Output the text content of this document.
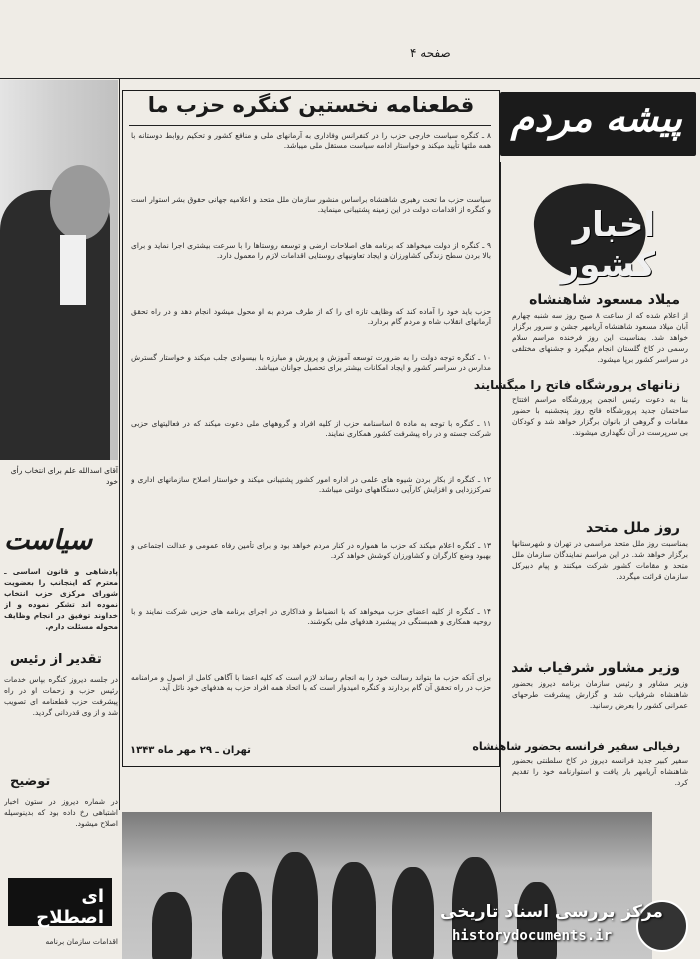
صفحه ۴
پیشه مردم
اخبار کشور
میلاد مسعود شاهنشاه
از اعلام شده که از ساعت ۸ صبح روز سه شنبه چهارم آبان میلاد مسعود شاهنشاه آریامهر جشن و سرور برگزار خواهد شد. بمناسبت این روز فرخنده مراسم سلام رسمی در کاخ گلستان انجام میگیرد و جشنهای مختلفی در سراسر کشور برپا میشود.
زنانهای پرورشگاه فاتح را میگشایند
بنا به دعوت رئیس انجمن پرورشگاه مراسم افتتاح ساختمان جدید پرورشگاه فاتح روز پنجشنبه با حضور مقامات و گروهی از بانوان برگزار خواهد شد و کودکان بی سرپرست در آن نگهداری میشوند.
روز ملل متحد
بمناسبت روز ملل متحد مراسمی در تهران و شهرستانها برگزار خواهد شد. در این مراسم نمایندگان سازمان ملل متحد و مقامات کشور شرکت میکنند و پیام دبیرکل سازمان قرائت میگردد.
وزیر مشاور شرفیاب شد
وزیر مشاور و رئیس سازمان برنامه دیروز بحضور شاهنشاه شرفیاب شد و گزارش پیشرفت طرحهای عمرانی کشور را بعرض رسانید.
رفیالی سفیر فرانسه بحضور شاهنشاه
سفیر کبیر جدید فرانسه دیروز در کاخ سلطنتی بحضور شاهنشاه آریامهر بار یافت و استوارنامه خود را تقدیم کرد.
قطعنامه نخستین کنگره حزب ما
۸ ـ کنگره سیاست خارجی حزب را در کنفرانس وفاداری به آرمانهای ملی و منافع کشور و تحکیم روابط دوستانه با همه ملتها تأیید میکند و خواستار ادامه سیاست مستقل ملی میباشد.
سیاست حزب ما تحت رهبری شاهنشاه براساس منشور سازمان ملل متحد و اعلامیه جهانی حقوق بشر استوار است و کنگره از اقدامات دولت در این زمینه پشتیبانی مینماید.
۹ ـ کنگره از دولت میخواهد که برنامه های اصلاحات ارضی و توسعه روستاها را با سرعت بیشتری اجرا نماید و برای بالا بردن سطح زندگی کشاورزان و ایجاد تعاونیهای روستایی اقدامات لازم را معمول دارد.
حزب باید خود را آماده کند که وظایف تازه ای را که از طرف مردم به او محول میشود انجام دهد و در راه تحقق آرمانهای انقلاب شاه و مردم گام بردارد.
۱۰ ـ کنگره توجه دولت را به ضرورت توسعه آموزش و پرورش و مبارزه با بیسوادی جلب میکند و خواستار گسترش مدارس در سراسر کشور و ایجاد امکانات بیشتر برای تحصیل جوانان میباشد.
۱۱ ـ کنگره با توجه به ماده ۵ اساسنامه حزب از کلیه افراد و گروههای ملی دعوت میکند که در فعالیتهای حزبی شرکت جسته و در راه پیشرفت کشور همکاری نمایند.
۱۲ ـ کنگره از بکار بردن شیوه های علمی در اداره امور کشور پشتیبانی میکند و خواستار اصلاح سازمانهای اداری و تمرکززدایی و افزایش کارآیی دستگاههای دولتی میباشد.
۱۳ ـ کنگره اعلام میکند که حزب ما همواره در کنار مردم خواهد بود و برای تأمین رفاه عمومی و عدالت اجتماعی و بهبود وضع کارگران و کشاورزان کوشش خواهد کرد.
۱۴ ـ کنگره از کلیه اعضای حزب میخواهد که با انضباط و فداکاری در اجرای برنامه های حزبی شرکت نمایند و با روحیه همکاری و همبستگی در پیشبرد هدفهای ملی بکوشند.
برای آنکه حزب ما بتواند رسالت خود را به انجام رساند لازم است که کلیه اعضا با آگاهی کامل از اصول و مرامنامه حزب در راه تحقق آن گام بردارند و کنگره امیدوار است که با اتحاد همه افراد حزب به هدفهای خود نائل آید.
تهران ـ ۲۹ مهر ماه ۱۳۴۳
آقای اسدالله علم برای انتخاب رأی خود
سیاست
پادشاهی و قانون اساسی ـ معترم که اینجانب را بعضویت شورای مرکزی حزب انتخاب نموده اند تشکر نموده و از خداوند توفیق در انجام وظایف محوله مسئلت دارم.
تقدیر از رئیس
در جلسه دیروز کنگره بپاس خدمات رئیس حزب و زحمات او در راه پیشرفت حزب قطعنامه ای تصویب شد و از وی قدردانی گردید.
توضیح
در شماره دیروز در ستون اخبار اشتباهی رخ داده بود که بدینوسیله اصلاح میشود.
ای اصطلاح
اقدامات سازمان برنامه
مرکز بررسی اسناد تاریخی
historydocuments.ir
